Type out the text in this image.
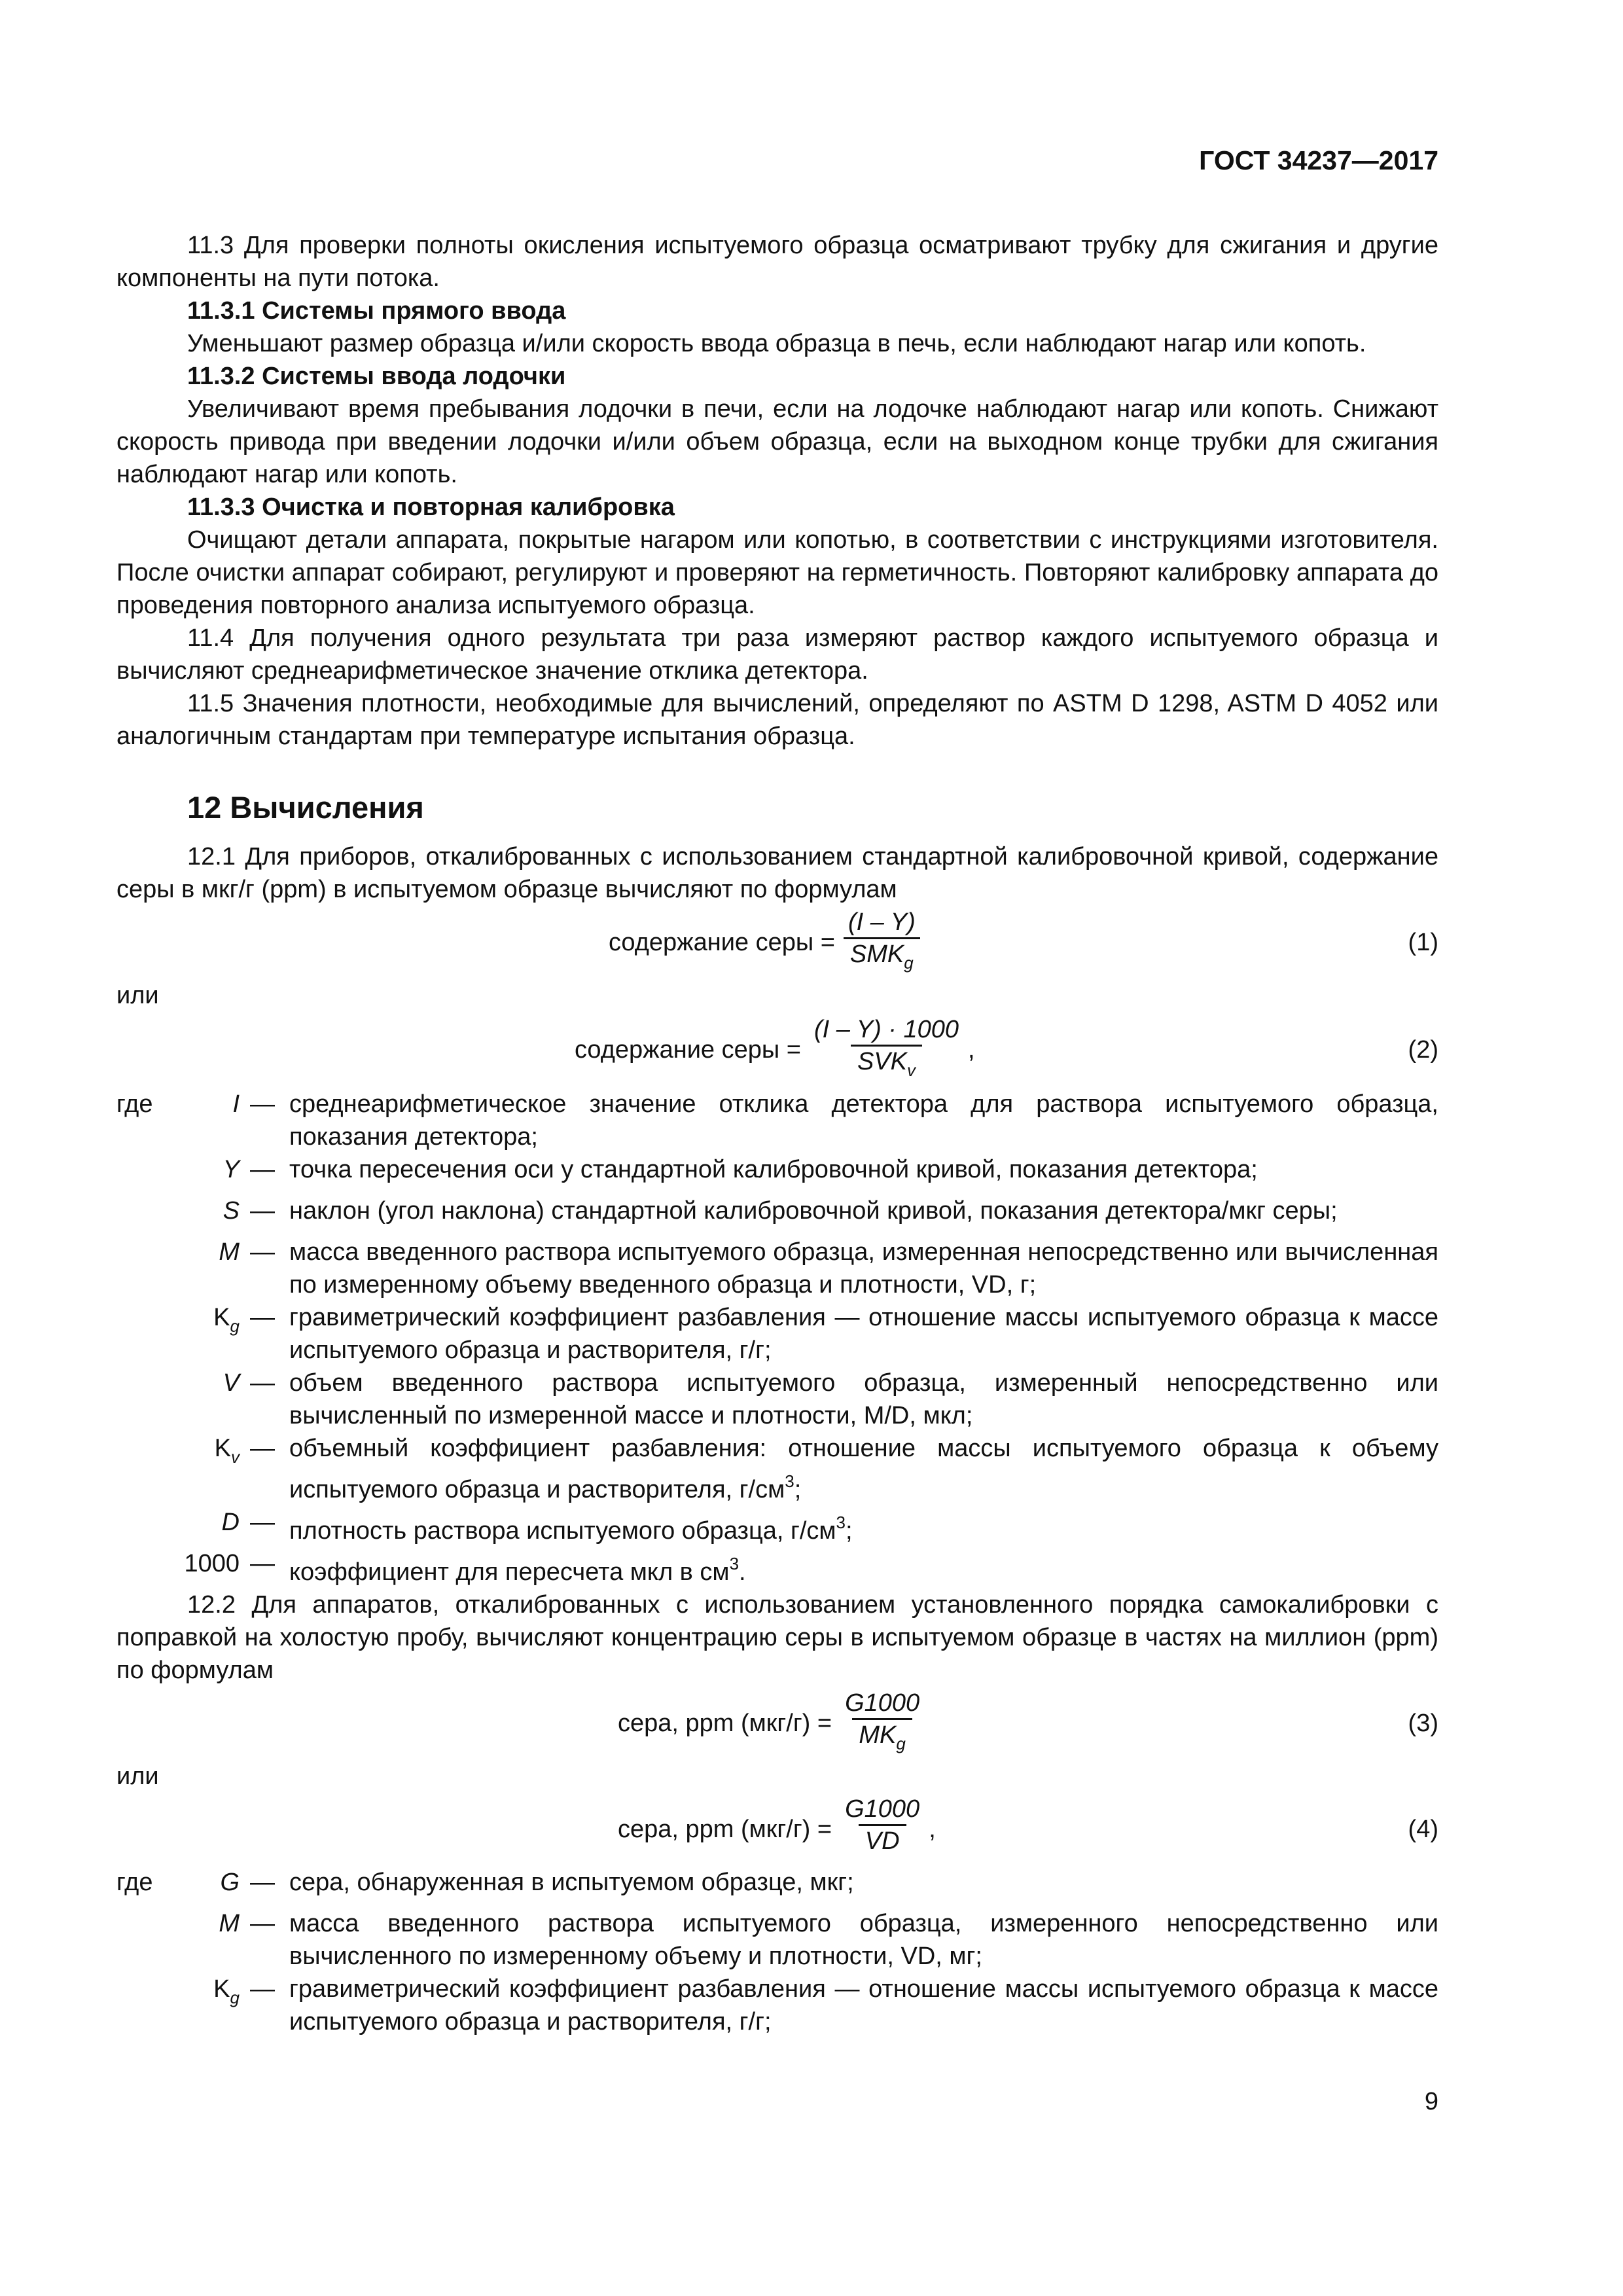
ГОСТ 34237—2017

11.3 Для проверки полноты окисления испытуемого образца осматривают трубку для сжигания и другие компоненты на пути потока.

11.3.1 Системы прямого ввода

Уменьшают размер образца и/или скорость ввода образца в печь, если наблюдают нагар или копоть.

11.3.2 Системы ввода лодочки

Увеличивают время пребывания лодочки в печи, если на лодочке наблюдают нагар или копоть. Снижают скорость привода при введении лодочки и/или объем образца, если на выходном конце трубки для сжигания наблюдают нагар или копоть.

11.3.3 Очистка и повторная калибровка

Очищают детали аппарата, покрытые нагаром или копотью, в соответствии с инструкциями изготовителя. После очистки аппарат собирают, регулируют и проверяют на герметичность. Повторяют калибровку аппарата до проведения повторного анализа испытуемого образца.

11.4 Для получения одного результата три раза измеряют раствор каждого испытуемого образца и вычисляют среднеарифметическое значение отклика детектора.

11.5 Значения плотности, необходимые для вычислений, определяют по ASTM D 1298, ASTM D 4052 или аналогичным стандартам при температуре испытания образца.

12 Вычисления

12.1 Для приборов, откалиброванных с использованием стандартной калибровочной кривой, содержание серы в мкг/г (ppm) в испытуемом образце вычисляют по формулам

содержание серы = $\frac{(I - Y)}{SMK_g}$	(1)

или

содержание серы = $\frac{(I - Y) \cdot 1000}{SVK_v}$ ,	(2)
где	I — среднеарифметическое значение отклика детектора для раствора испытуемого образца, показания детектора;
Y — точка пересечения оси y стандартной калибровочной кривой, показания детектора;
S — наклон (угол наклона) стандартной калибровочной кривой, показания детектора/мкг серы;
M — масса введенного раствора испытуемого образца, измеренная непосредственно или вычисленная по измеренному объему введенного образца и плотности, VD, г;
$K_g$ — гравиметрический коэффициент разбавления — отношение массы испытуемого образца к массе испытуемого образца и растворителя, г/г;
V — объем введенного раствора испытуемого образца, измеренный непосредственно или вычисленный по измеренной массе и плотности, M/D, мкл;
$K_v$ — объемный коэффициент разбавления: отношение массы испытуемого образца к объему испытуемого образца и растворителя, $г/см^3$;
D — плотность раствора испытуемого образца, $г/см^3$;
1000 — коэффициент для пересчета мкл в $см^3$.

12.2 Для аппаратов, откалиброванных с использованием установленного порядка самокалибровки с поправкой на холостую пробу, вычисляют концентрацию серы в испытуемом образце в частях на миллион (ppm) по формулам

сера, ppm $(мкг/г) = \frac{G1000}{MK_g}$	(3)

или

сера, ppm $(мкг/г) = \frac{G1000}{VD}$ ,	(4)
где	G — сера, обнаруженная в испытуемом образце, мкг;
M — масса введенного раствора испытуемого образца, измеренного непосредственно или вычисленного по измеренному объему и плотности, VD, мг;
$K_g$ — гравиметрический коэффициент разбавления — отношение массы испытуемого образца к массе испытуемого образца и растворителя, г/г;
9
